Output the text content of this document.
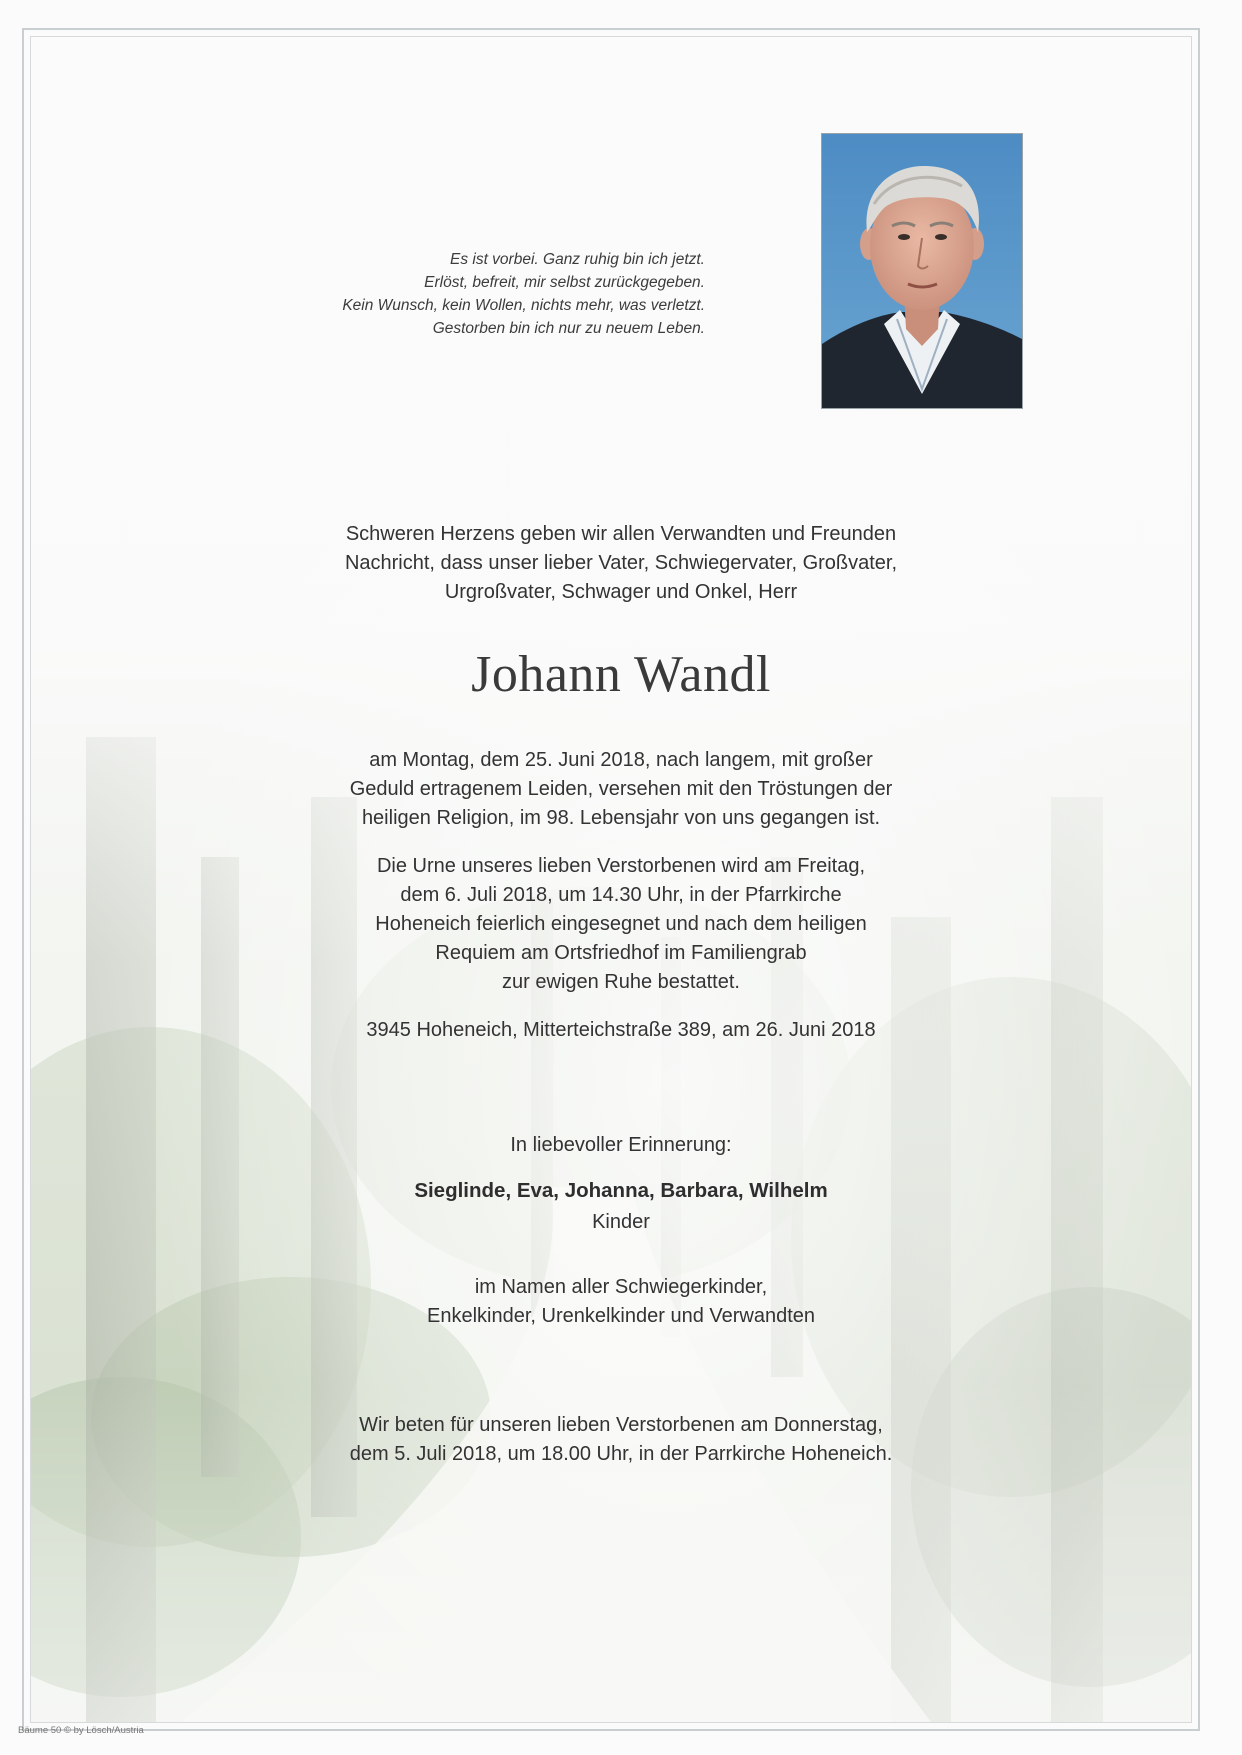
Es ist vorbei. Ganz ruhig bin ich jetzt.
Erlöst, befreit, mir selbst zurückgegeben.
Kein Wunsch, kein Wollen, nichts mehr, was verletzt.
Gestorben bin ich nur zu neuem Leben.
Schweren Herzens geben wir allen Verwandten und Freunden
Nachricht, dass unser lieber Vater, Schwiegervater, Großvater,
Urgroßvater, Schwager und Onkel, Herr
Johann Wandl
am Montag, dem 25. Juni 2018, nach langem, mit großer
Geduld ertragenem Leiden, versehen mit den Tröstungen der
heiligen Religion, im 98. Lebensjahr von uns gegangen ist.
Die Urne unseres lieben Verstorbenen wird am Freitag,
dem 6. Juli 2018, um 14.30 Uhr, in der Pfarrkirche
Hoheneich feierlich eingesegnet und nach dem heiligen
Requiem am Ortsfriedhof im Familiengrab
zur ewigen Ruhe bestattet.
3945 Hoheneich, Mitterteichstraße 389, am 26. Juni 2018
In liebevoller Erinnerung:
Sieglinde, Eva, Johanna, Barbara, Wilhelm
Kinder
im Namen aller Schwiegerkinder,
Enkelkinder, Urenkelkinder und Verwandten
Wir beten für unseren lieben Verstorbenen am Donnerstag,
dem 5. Juli 2018, um 18.00 Uhr, in der Parrkirche Hoheneich.
Bäume 50 © by Lösch/Austria
